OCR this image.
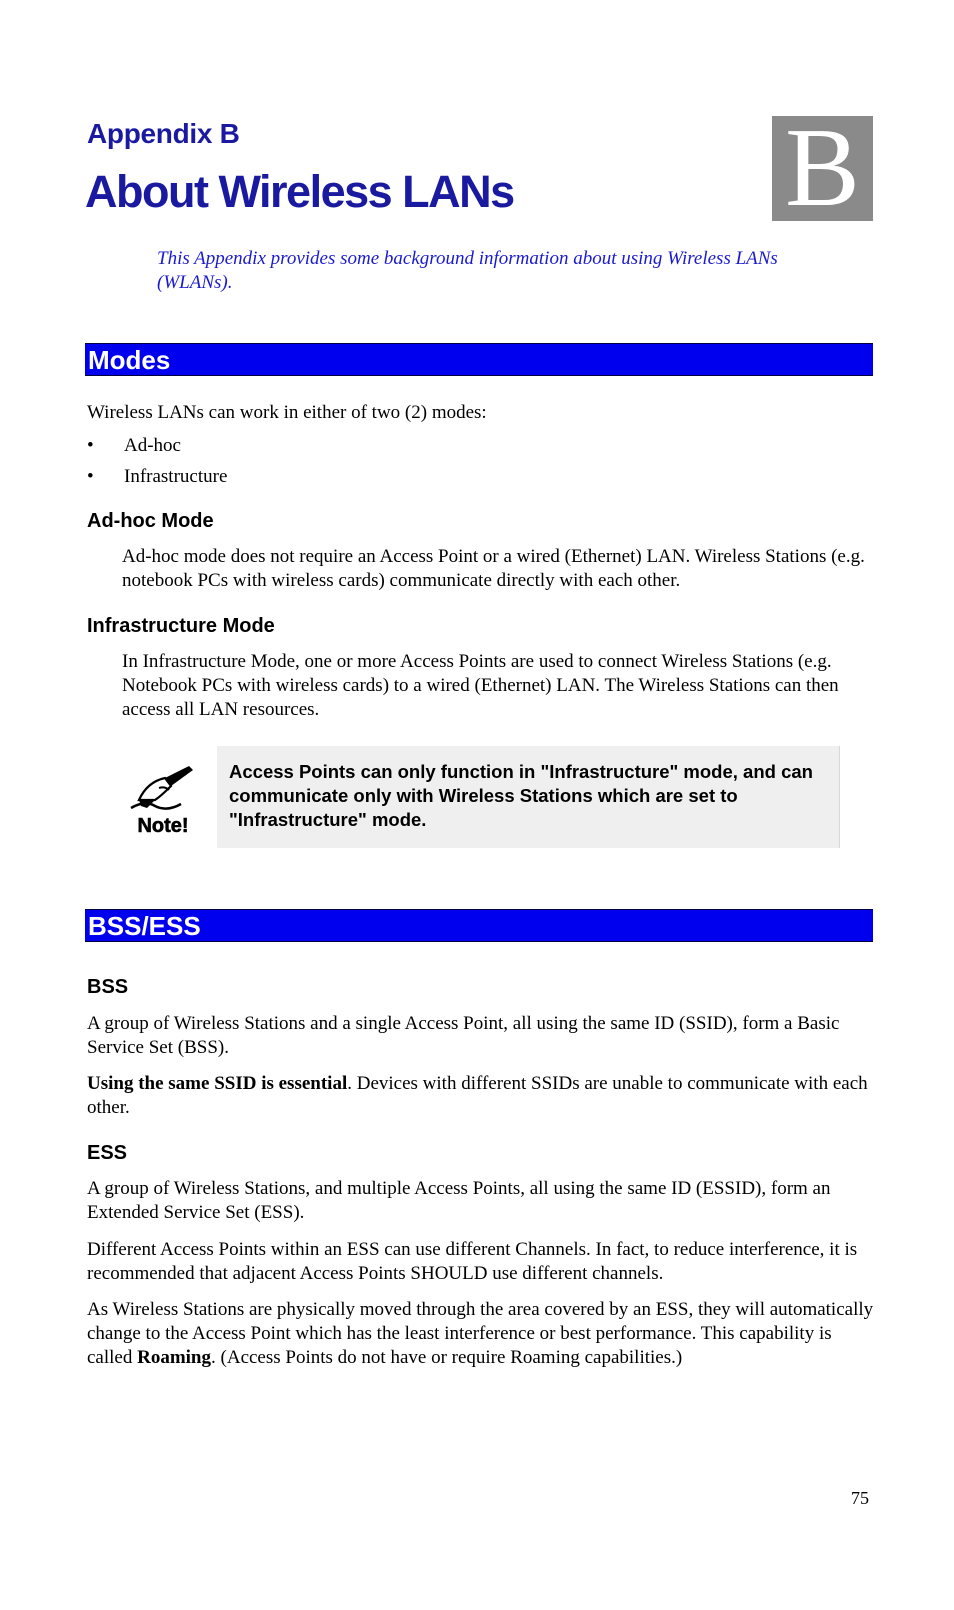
Appendix B
About Wireless LANs B

This Appendix provides some background information about using Wireless LANs (WLANs).

Modes

Wireless LANs can work in either of two (2) modes:

•	Ad-hoc
•	Infrastructure
Ad-hoc Mode

Ad-hoc mode does not require an Access Point or a wired (Ethernet) LAN. Wireless Stations (e.g. notebook PCs with wireless cards) communicate directly with each other.

Infrastructure Mode

In Infrastructure Mode, one or more Access Points are used to connect Wireless Stations (e.g. Notebook PCs with wireless cards) to a wired (Ethernet) LAN. The Wireless Stations can then access all LAN resources.

Note!
Access Points can only function in "Infrastructure" mode, and can communicate only with Wireless Stations which are set to "Infrastructure" mode.
BSS/ESS
BSS

A group of Wireless Stations and a single Access Point, all using the same ID (SSID), form a Basic Service Set (BSS).

Using the same SSID is essential. Devices with different SSIDs are unable to communicate with each other.

ESS

A group of Wireless Stations, and multiple Access Points, all using the same ID (ESSID), form an Extended Service Set (ESS).

Different Access Points within an ESS can use different Channels. In fact, to reduce interference, it is recommended that adjacent Access Points SHOULD use different channels.

As Wireless Stations are physically moved through the area covered by an ESS, they will automatically change to the Access Point which has the least interference or best performance. This capability is called Roaming. (Access Points do not have or require Roaming capabilities.)

75
